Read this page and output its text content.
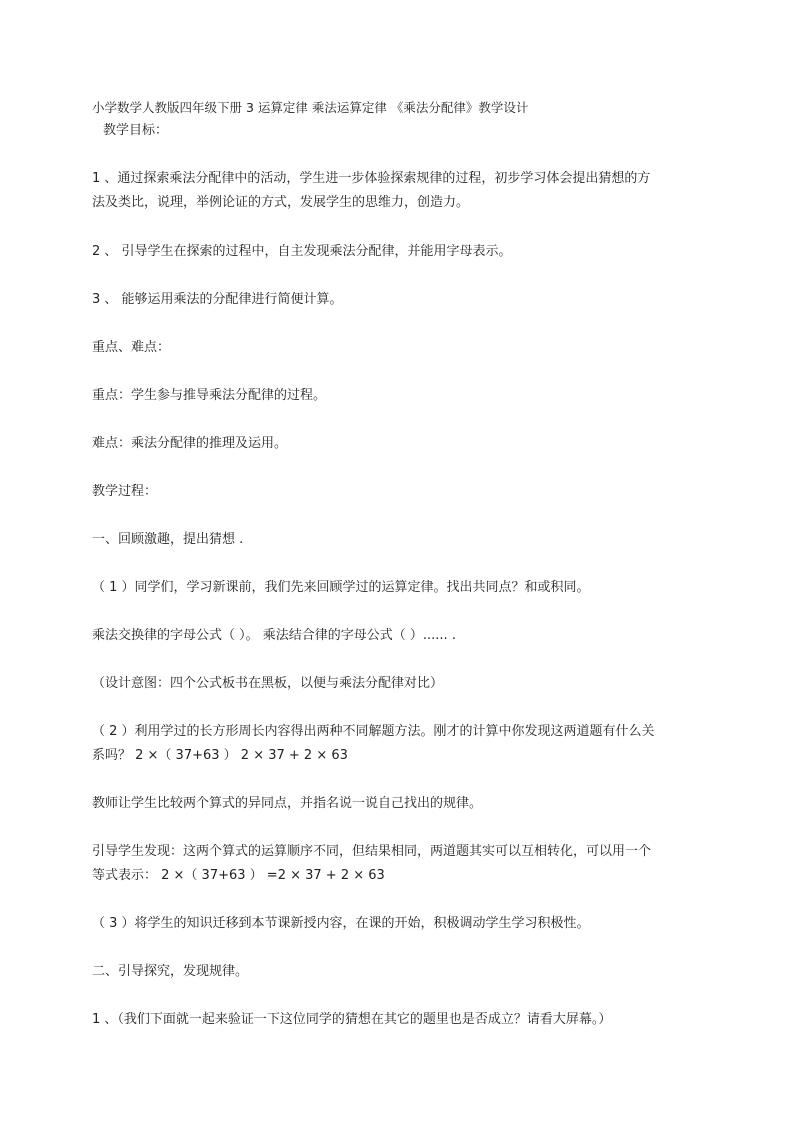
小学数学人教版四年级下册 3 运算定律 乘法运算定律 《乘法分配律》教学设计
教学目标：
1 、通过探索乘法分配律中的活动，学生进一步体验探索规律的过程，初步学习体会提出猜想的方
法及类比，说理，举例论证的方式，发展学生的思维力，创造力。
2 、 引导学生在探索的过程中，自主发现乘法分配律，并能用字母表示。
3 、 能够运用乘法的分配律进行简便计算。
重点、难点：
重点：学生参与推导乘法分配律的过程。
难点：乘法分配律的推理及运用。
教学过程：
一、回顾激趣，提出猜想 .
（ 1 ）同学们，学习新课前，我们先来回顾学过的运算定律。找出共同点？和或积同。
乘法交换律的字母公式（ ）。 乘法结合律的字母公式（ ）...... .
（设计意图：四个公式板书在黑板，以便与乘法分配律对比）
（ 2 ）利用学过的长方形周长内容得出两种不同解题方法。刚才的计算中你发现这两道题有什么关
系吗？ 2 ×（ 37+63 ） 2 × 37 + 2 × 63
教师让学生比较两个算式的异同点，并指名说一说自己找出的规律。
引导学生发现：这两个算式的运算顺序不同，但结果相同，两道题其实可以互相转化，可以用一个
等式表示： 2 ×（ 37+63 ） =2 × 37 + 2 × 63
（ 3 ）将学生的知识迁移到本节课新授内容，在课的开始，积极调动学生学习积极性。
二、引导探究，发现规律。
1 、（我们下面就一起来验证一下这位同学的猜想在其它的题里也是否成立？请看大屏幕。）
